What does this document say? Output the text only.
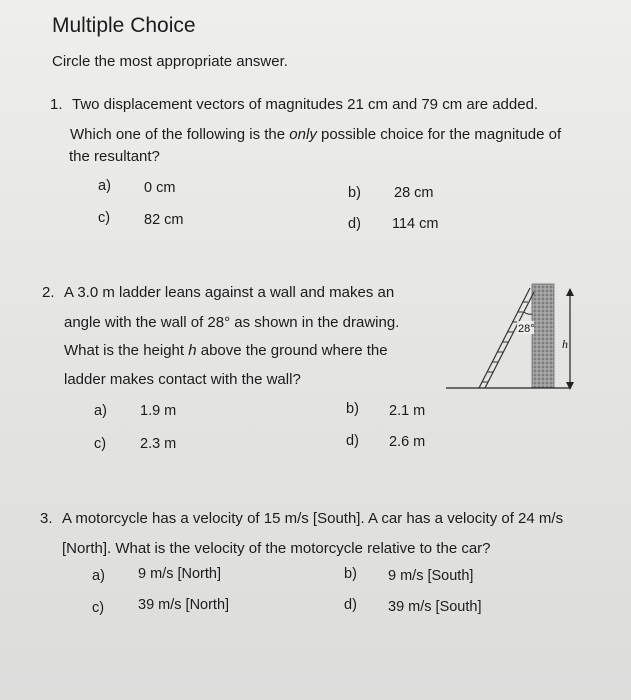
Multiple Choice
Circle the most appropriate answer.
1. Two displacement vectors of magnitudes 21 cm and 79 cm are added.
Which one of the following is the only possible choice for the magnitude of
the resultant?
a) 0 cm	b) 28 cm
c) 82 cm	d) 114 cm
2. A 3.0 m ladder leans against a wall and makes an
angle with the wall of 28° as shown in the drawing.
What is the height h above the ground where the
ladder makes contact with the wall?
a) 1.9 m	b) 2.1 m
c) 2.3 m	d) 2.6 m
28°
h
3. A motorcycle has a velocity of 15 m/s [South]. A car has a velocity of 24 m/s
[North]. What is the velocity of the motorcycle relative to the car?
a) 9 m/s [North]	b) 9 m/s [South]
c) 39 m/s [North]	d) 39 m/s [South]
